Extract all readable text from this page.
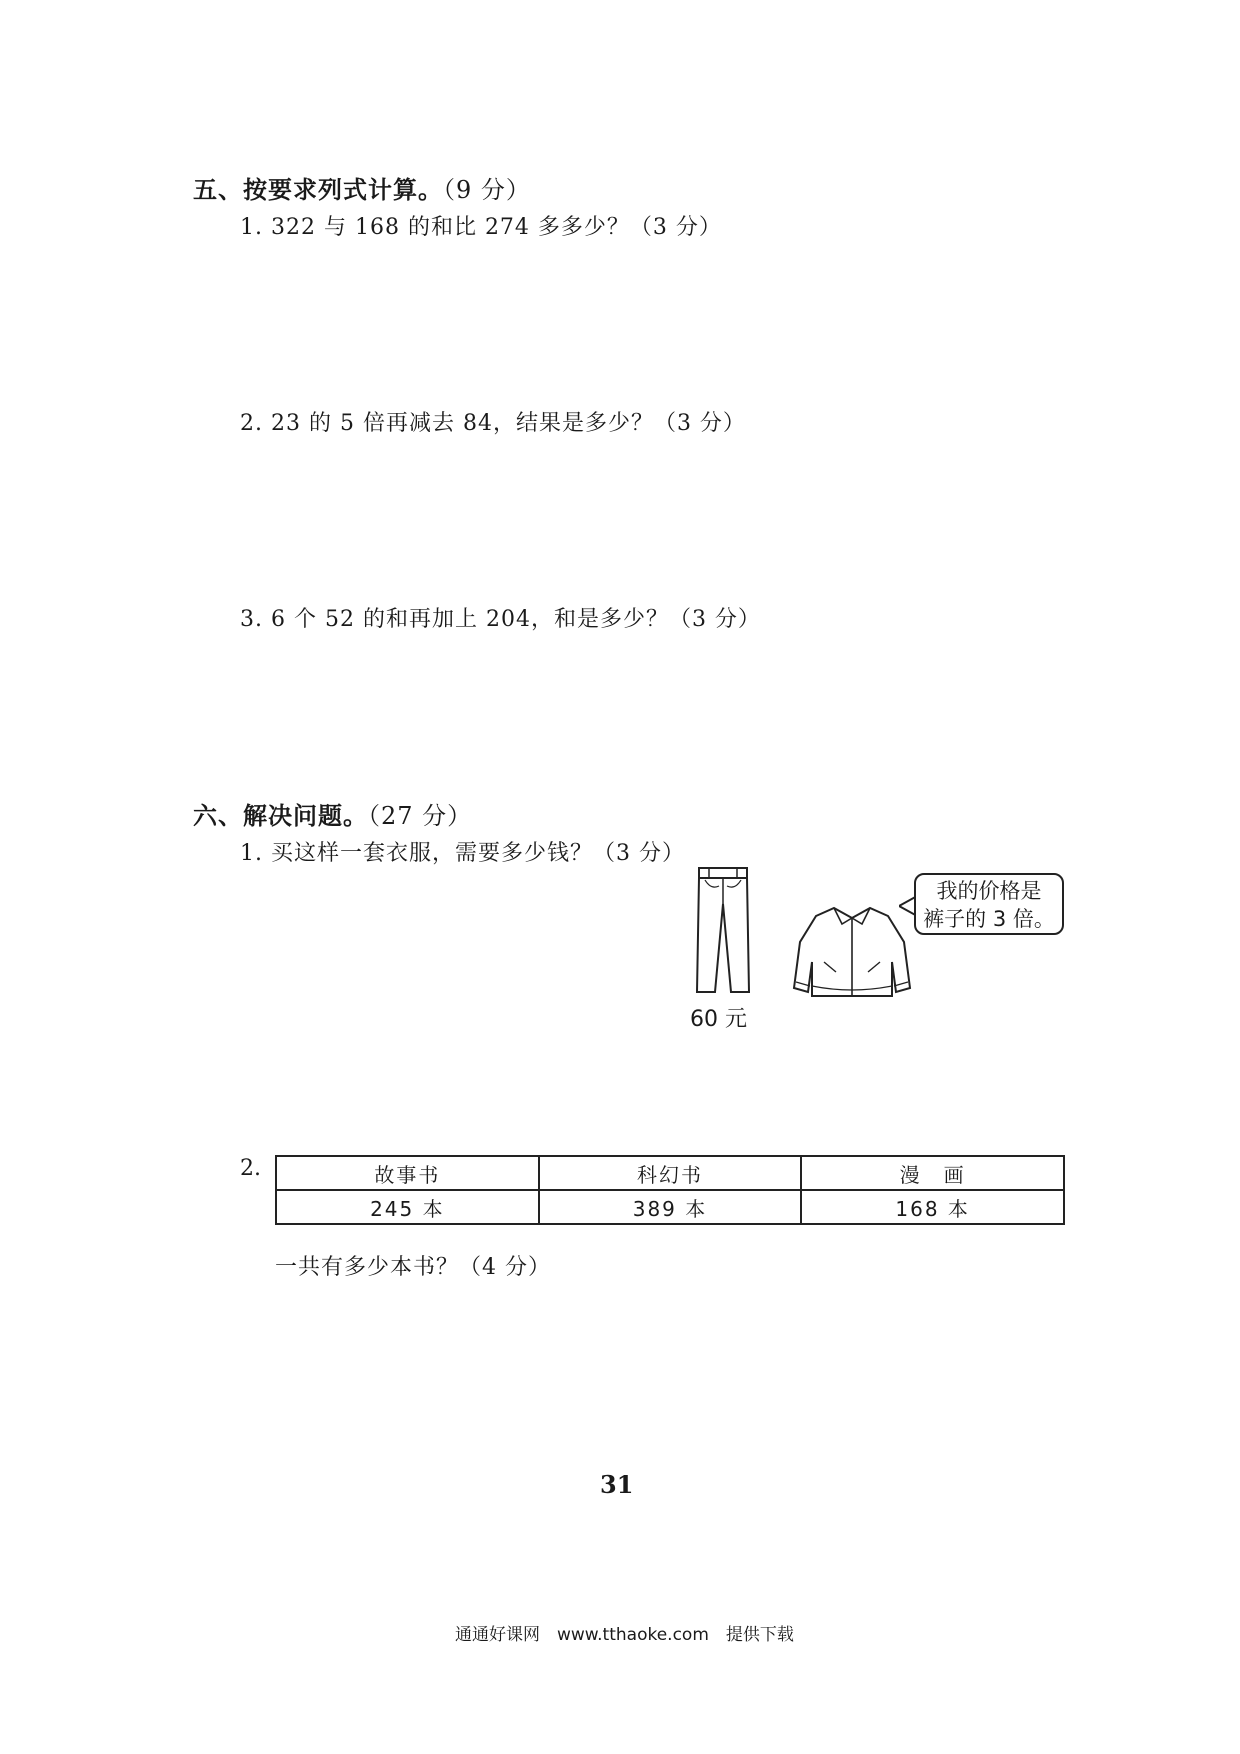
五、按要求列式计算。（9 分）
1. 322 与 168 的和比 274 多多少？（3 分）
2. 23 的 5 倍再减去 84，结果是多少？（3 分）
3. 6 个 52 的和再加上 204，和是多少？（3 分）
六、解决问题。（27 分）
1. 买这样一套衣服，需要多少钱？（3 分）
60 元
我的价格是
裤子的 3 倍。
2.	故事书	科幻书	漫　画
245 本	389 本	168 本
一共有多少本书？（4 分）
31
通通好课网　www.tthaoke.com　提供下载
